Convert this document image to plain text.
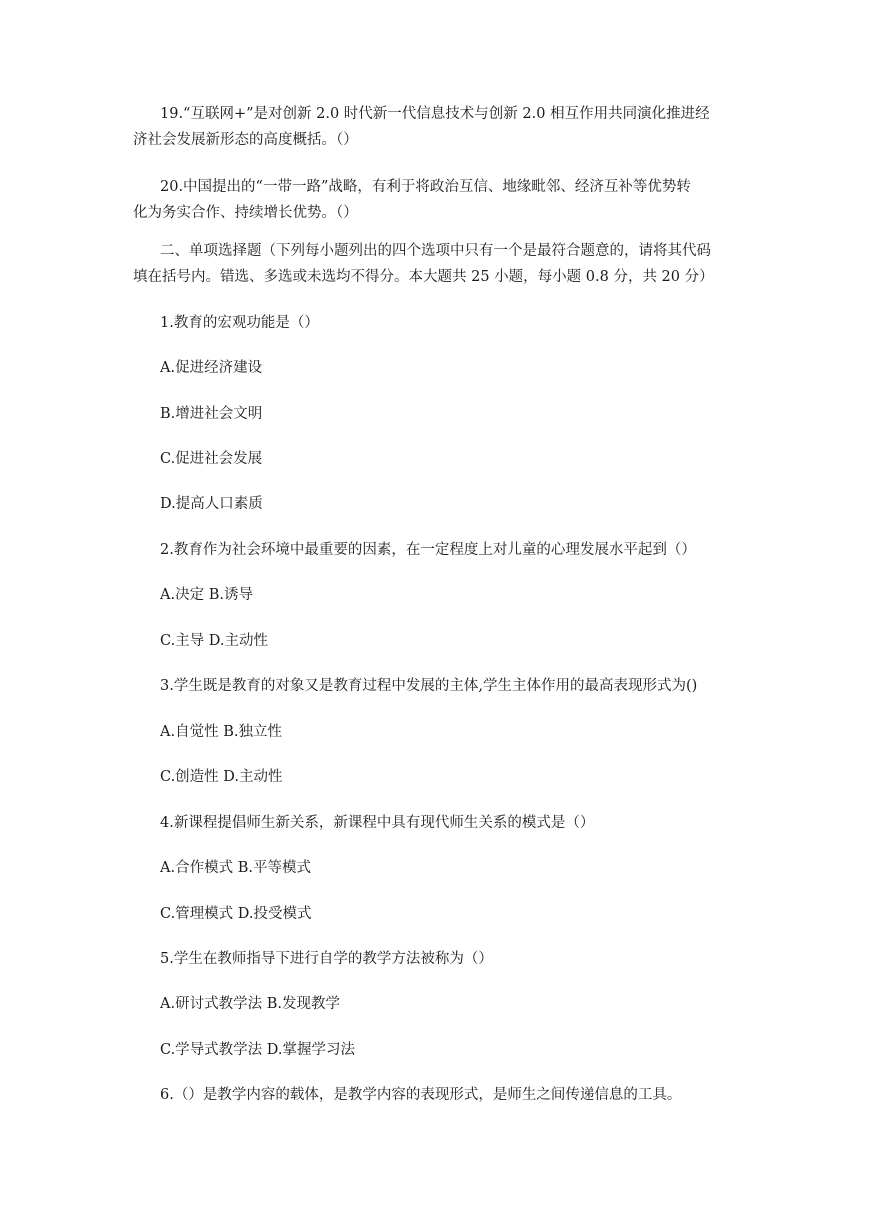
19.“互联网+”是对创新 2.0 时代新一代信息技术与创新 2.0 相互作用共同演化推进经
济社会发展新形态的高度概括。（）
20.中国提出的“一带一路”战略，有利于将政治互信、地缘毗邻、经济互补等优势转
化为务实合作、持续增长优势。（）
二、单项选择题（下列每小题列出的四个选项中只有一个是最符合题意的，请将其代码
填在括号内。错选、多选或未选均不得分。本大题共 25 小题，每小题 0.8 分，共 20 分）
1.教育的宏观功能是（）
A.促进经济建设
B.增进社会文明
C.促进社会发展
D.提高人口素质
2.教育作为社会环境中最重要的因素，在一定程度上对儿童的心理发展水平起到（）
A.决定 B.诱导
C.主导 D.主动性
3.学生既是教育的对象又是教育过程中发展的主体,学生主体作用的最高表现形式为()
A.自觉性 B.独立性
C.创造性 D.主动性
4.新课程提倡师生新关系，新课程中具有现代师生关系的模式是（）
A.合作模式 B.平等模式
C.管理模式 D.投受模式
5.学生在教师指导下进行自学的教学方法被称为（）
A.研讨式教学法 B.发现教学
C.学导式教学法 D.掌握学习法
6.（）是教学内容的载体，是教学内容的表现形式，是师生之间传递信息的工具。
